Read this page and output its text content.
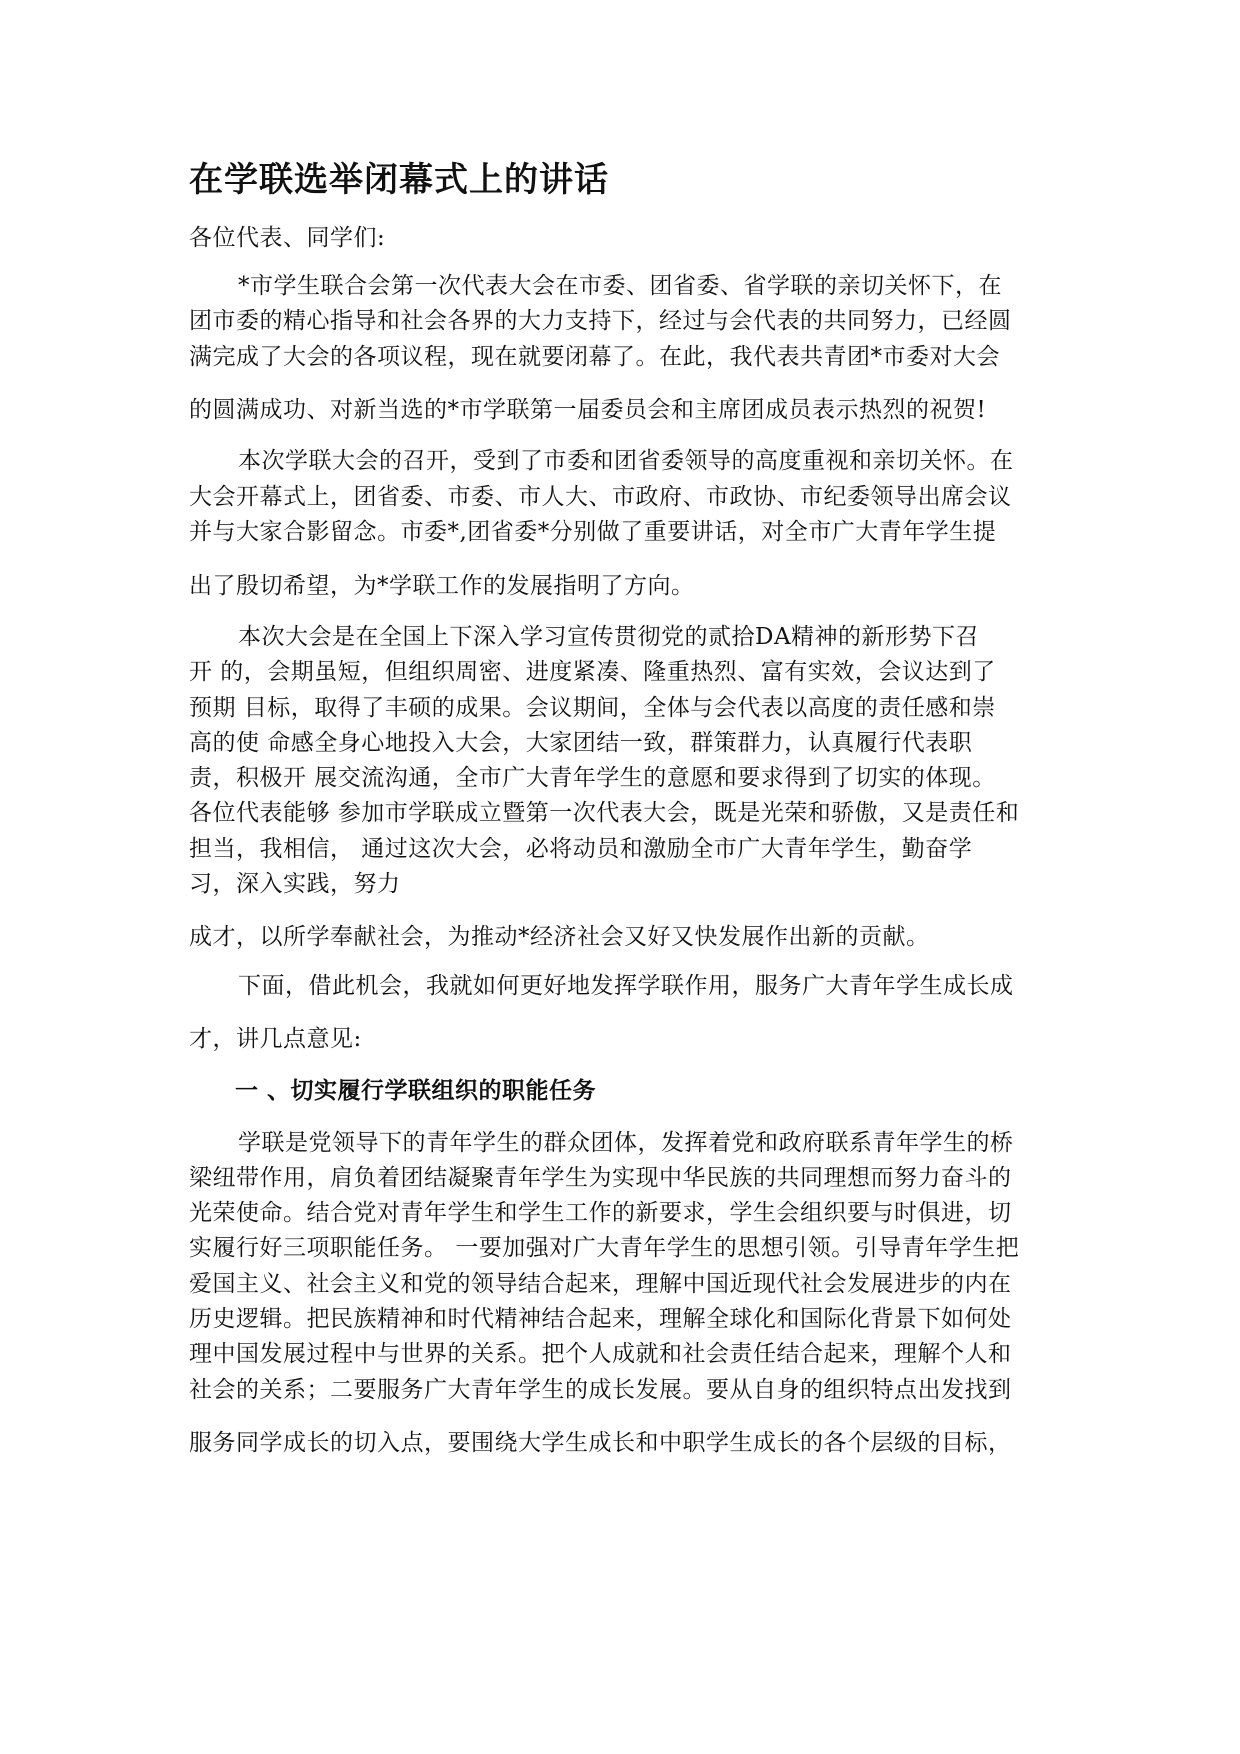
在学联选举闭幕式上的讲话
各位代表、同学们:
*市学生联合会第一次代表大会在市委、团省委、省学联的亲切关怀下，在
团市委的精心指导和社会各界的大力支持下，经过与会代表的共同努力，已经圆
满完成了大会的各项议程，现在就要闭幕了。在此，我代表共青团*市委对大会
的圆满成功、对新当选的*市学联第一届委员会和主席团成员表示热烈的祝贺!
本次学联大会的召开，受到了市委和团省委领导的高度重视和亲切关怀。在
大会开幕式上，团省委、市委、市人大、市政府、市政协、市纪委领导出席会议
并与大家合影留念。市委*,团省委*分别做了重要讲话，对全市广大青年学生提
出了殷切希望，为*学联工作的发展指明了方向。
本次大会是在全国上下深入学习宣传贯彻党的贰拾DA精神的新形势下召
开 的，会期虽短，但组织周密、进度紧凑、隆重热烈、富有实效，会议达到了
预期 目标，取得了丰硕的成果。会议期间，全体与会代表以高度的责任感和崇
高的使 命感全身心地投入大会，大家团结一致，群策群力，认真履行代表职
责，积极开 展交流沟通，全市广大青年学生的意愿和要求得到了切实的体现。
各位代表能够 参加市学联成立暨第一次代表大会，既是光荣和骄傲，又是责任和
担当，我相信， 通过这次大会，必将动员和激励全市广大青年学生，勤奋学
习，深入实践，努力
成才，以所学奉献社会，为推动*经济社会又好又快发展作出新的贡献。
下面，借此机会，我就如何更好地发挥学联作用，服务广大青年学生成长成
才，讲几点意见:
一 、切实履行学联组织的职能任务
学联是党领导下的青年学生的群众团体，发挥着党和政府联系青年学生的桥
梁纽带作用，肩负着团结凝聚青年学生为实现中华民族的共同理想而努力奋斗的
光荣使命。结合党对青年学生和学生工作的新要求，学生会组织要与时俱进，切
实履行好三项职能任务。 一要加强对广大青年学生的思想引领。引导青年学生把
爱国主义、社会主义和党的领导结合起来，理解中国近现代社会发展进步的内在
历史逻辑。把民族精神和时代精神结合起来，理解全球化和国际化背景下如何处
理中国发展过程中与世界的关系。把个人成就和社会责任结合起来，理解个人和
社会的关系；二要服务广大青年学生的成长发展。要从自身的组织特点出发找到
服务同学成长的切入点，要围绕大学生成长和中职学生成长的各个层级的目标，
